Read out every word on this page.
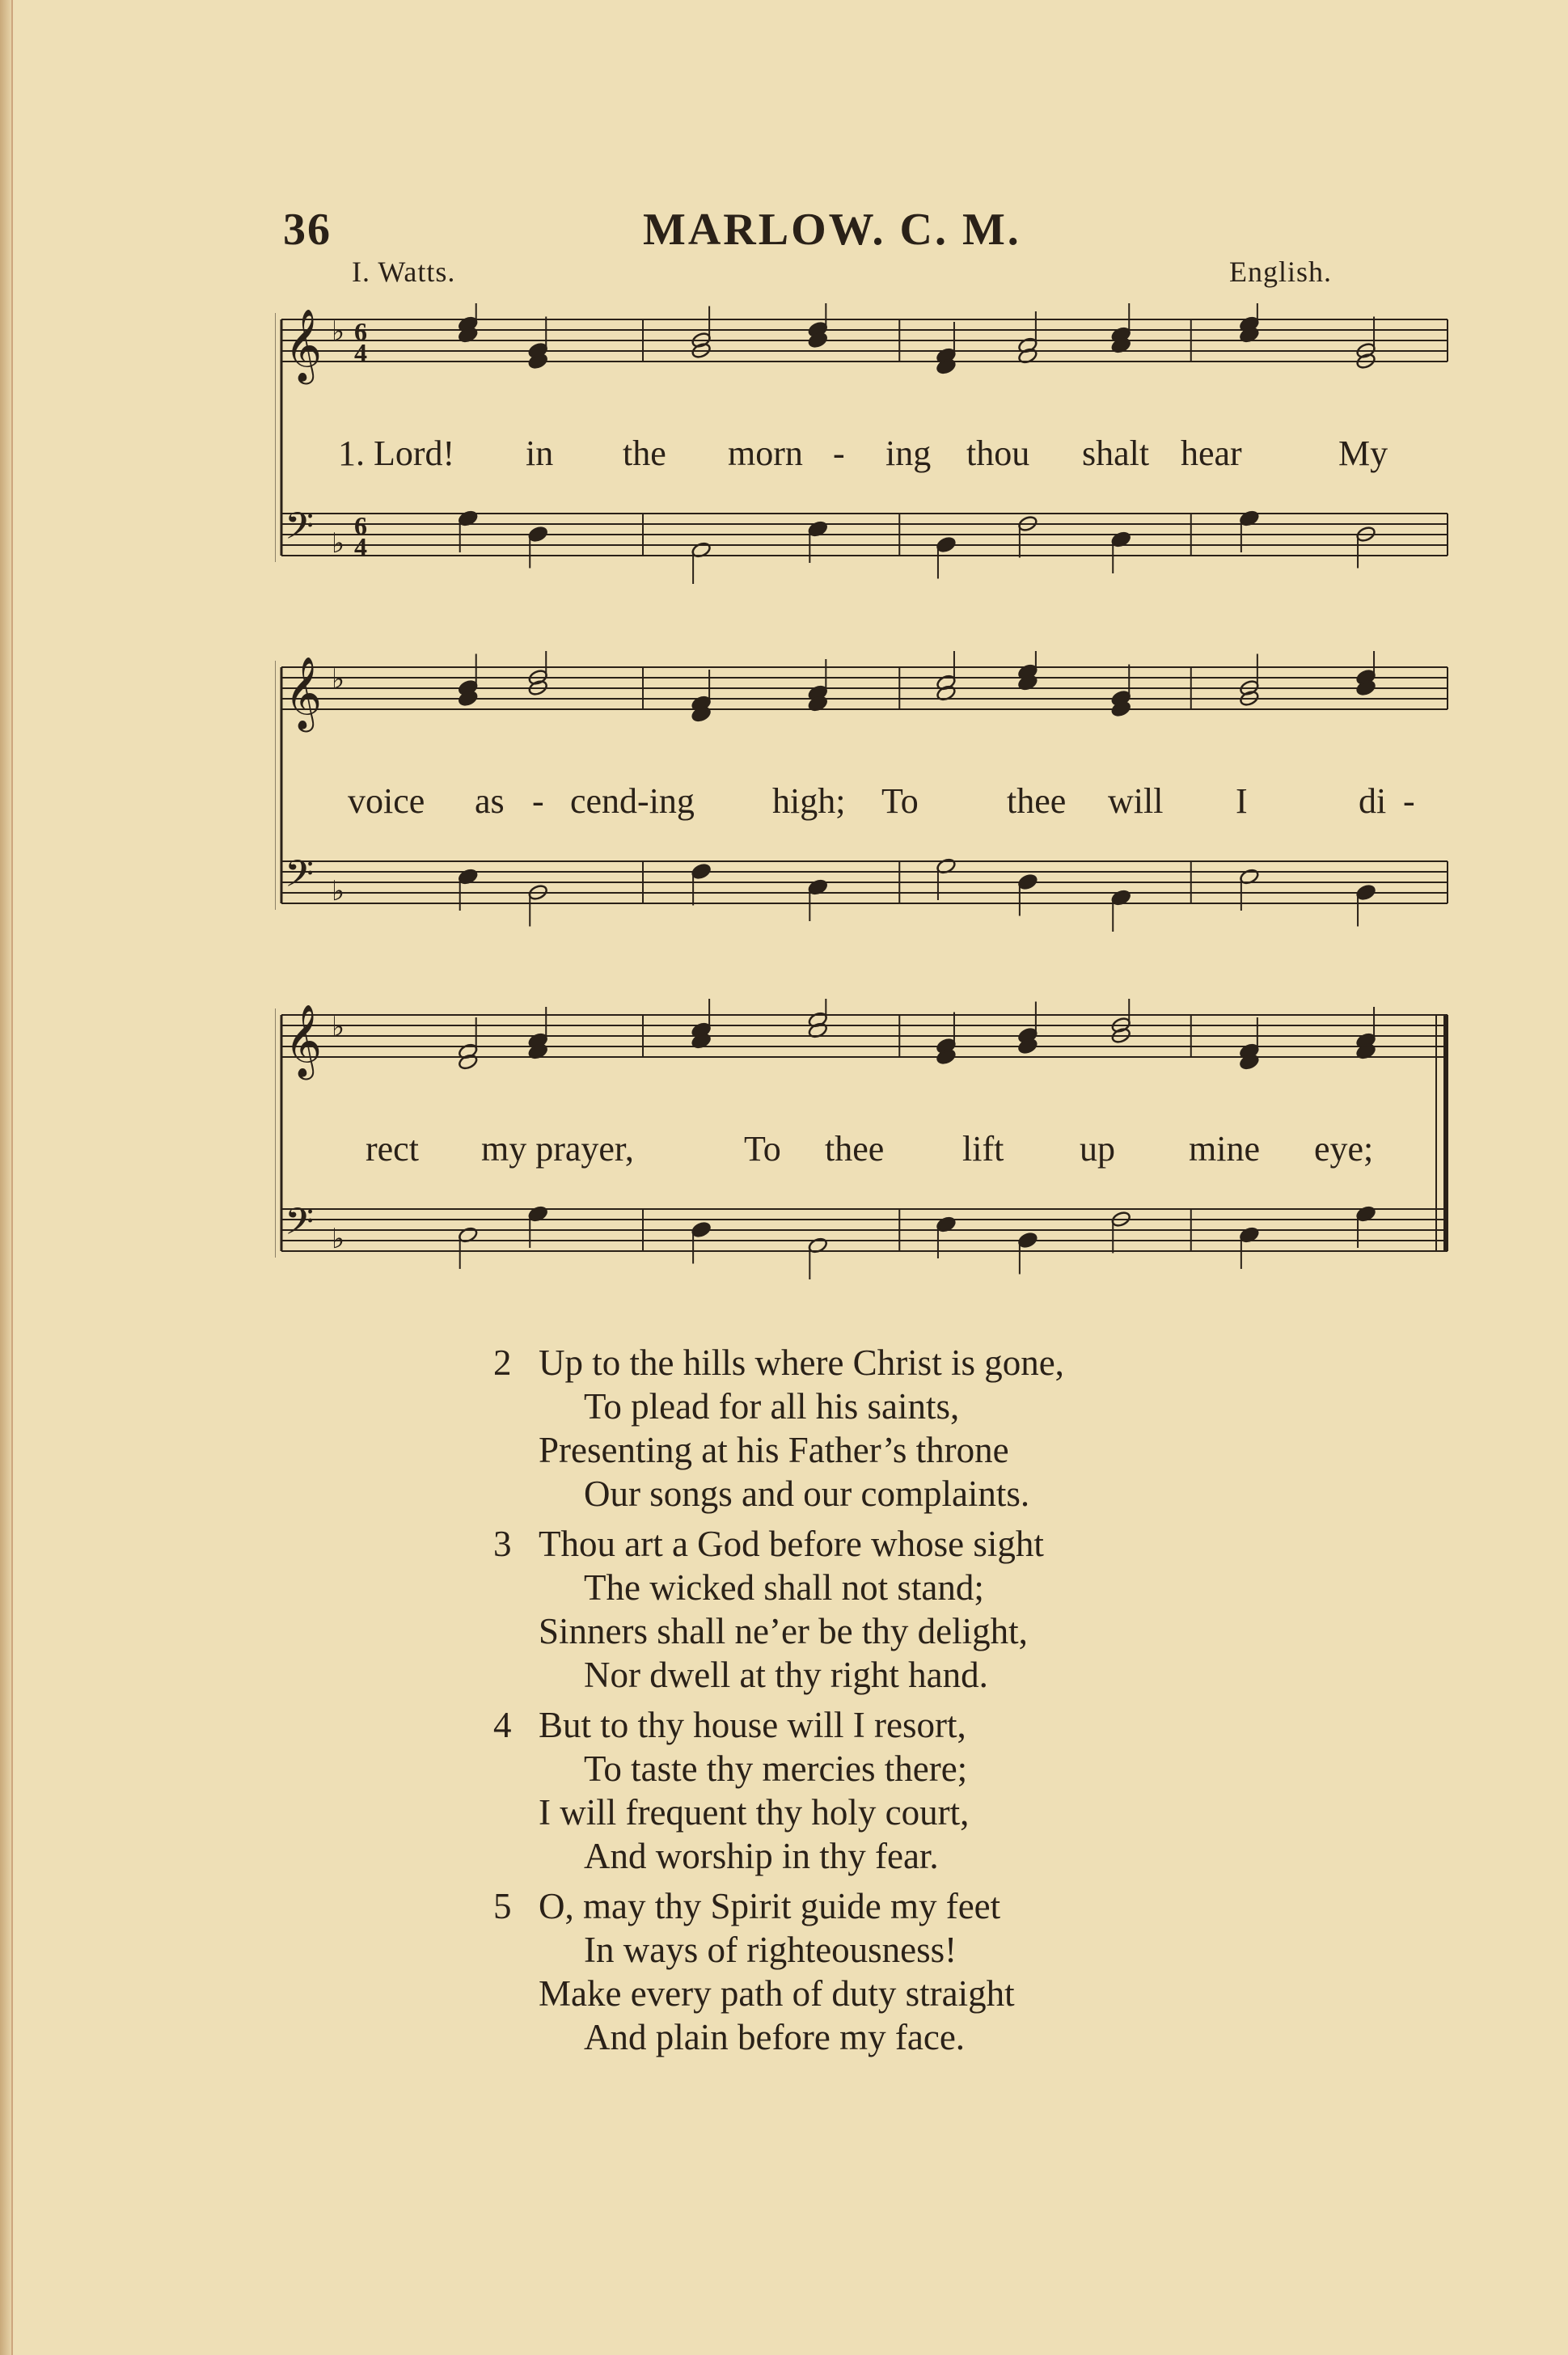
36	MARLOW. C. M.
I. Watts.	English.
𝄞 ♭ 6
4
𝄢 ♭
6
4
1. Lord! in the morn - ing thou shalt hear	My
𝄞 ♭
𝄢 ♭
voice as - cend-ing high; To thee will I	di -
𝄞 ♭
𝄢 ♭
rect my prayer,	To thee lift up mine eye;
2 Up to the hills where Christ is gone,
To plead for all his saints,
Presenting at his Father’s throne
Our songs and our complaints.
3 Thou art a God before whose sight
The wicked shall not stand;
Sinners shall ne’er be thy delight,
Nor dwell at thy right hand.
4 But to thy house will I resort,
To taste thy mercies there;
I will frequent thy holy court,
And worship in thy fear.
5 O, may thy Spirit guide my feet
In ways of righteousness!
Make every path of duty straight
And plain before my face.
